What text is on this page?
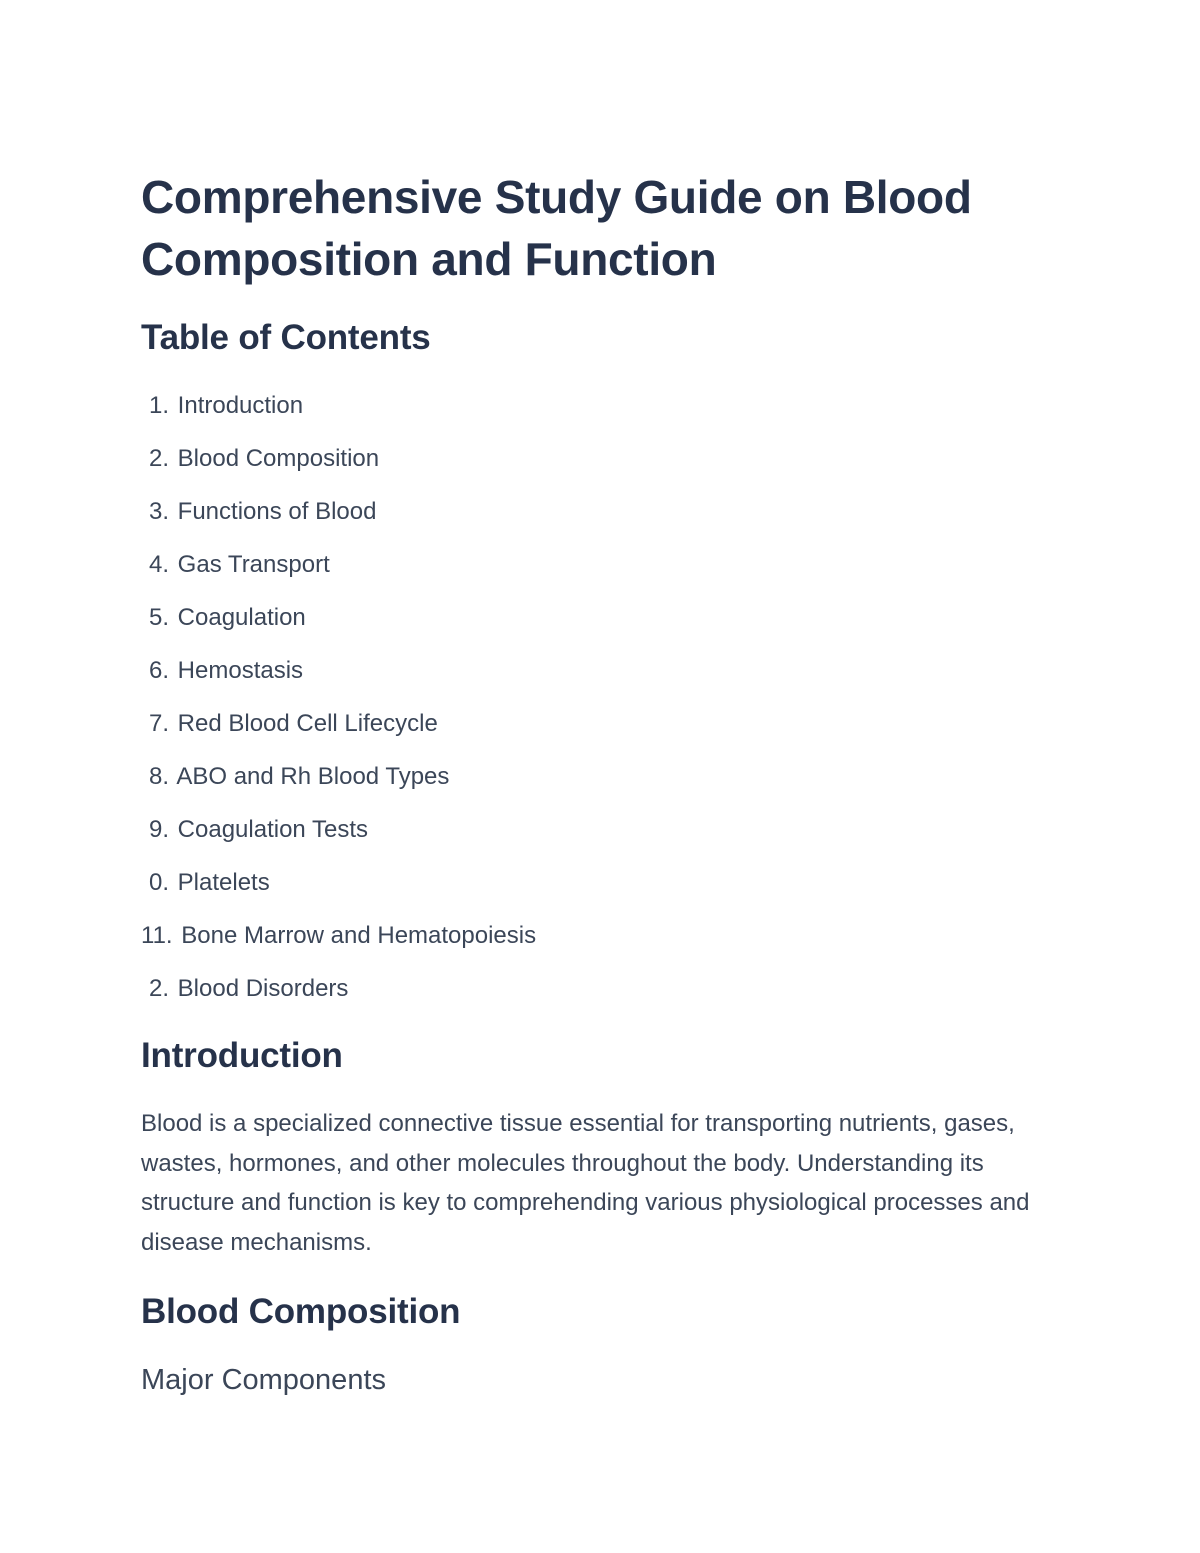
Comprehensive Study Guide on Blood Composition and Function
Table of Contents
1. Introduction
2. Blood Composition
3. Functions of Blood
4. Gas Transport
5. Coagulation
6. Hemostasis
7. Red Blood Cell Lifecycle
8. ABO and Rh Blood Types
9. Coagulation Tests
0. Platelets
11. Bone Marrow and Hematopoiesis
2. Blood Disorders
Introduction

Blood is a specialized connective tissue essential for transporting nutrients, gases, wastes, hormones, and other molecules throughout the body. Understanding its structure and function is key to comprehending various physiological processes and disease mechanisms.

Blood Composition
Major Components
